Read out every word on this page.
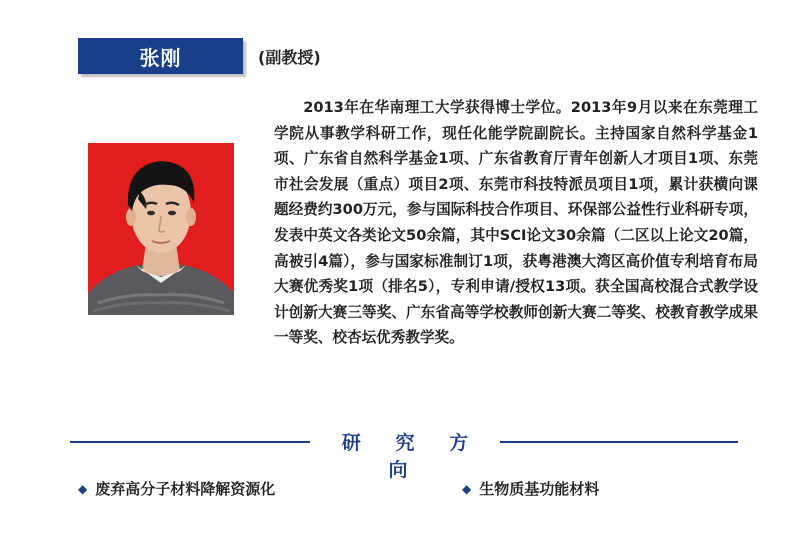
张刚	(副教授)

2013年在华南理工大学获得博士学位。2013年9月以来在东莞理工学院从事教学科研工作，现任化能学院副院长。主持国家自然科学基金1项、广东省自然科学基金1项、广东省教育厅青年创新人才项目1项、东莞市社会发展（重点）项目2项、东莞市科技特派员项目1项，累计获横向课题经费约300万元，参与国际科技合作项目、环保部公益性行业科研专项，发表中英文各类论文50余篇，其中SCI论文30余篇（二区以上论文20篇，高被引4篇），参与国家标准制订1项，获粤港澳大湾区高价值专利培育布局大赛优秀奖1项（排名5），专利申请/授权13项。获全国高校混合式教学设计创新大赛三等奖、广东省高等学校教师创新大赛二等奖、校教育教学成果一等奖、校杏坛优秀教学奖。

研 究 方 向
◆ 废弃高分子材料降解资源化	◆ 生物质基功能材料
